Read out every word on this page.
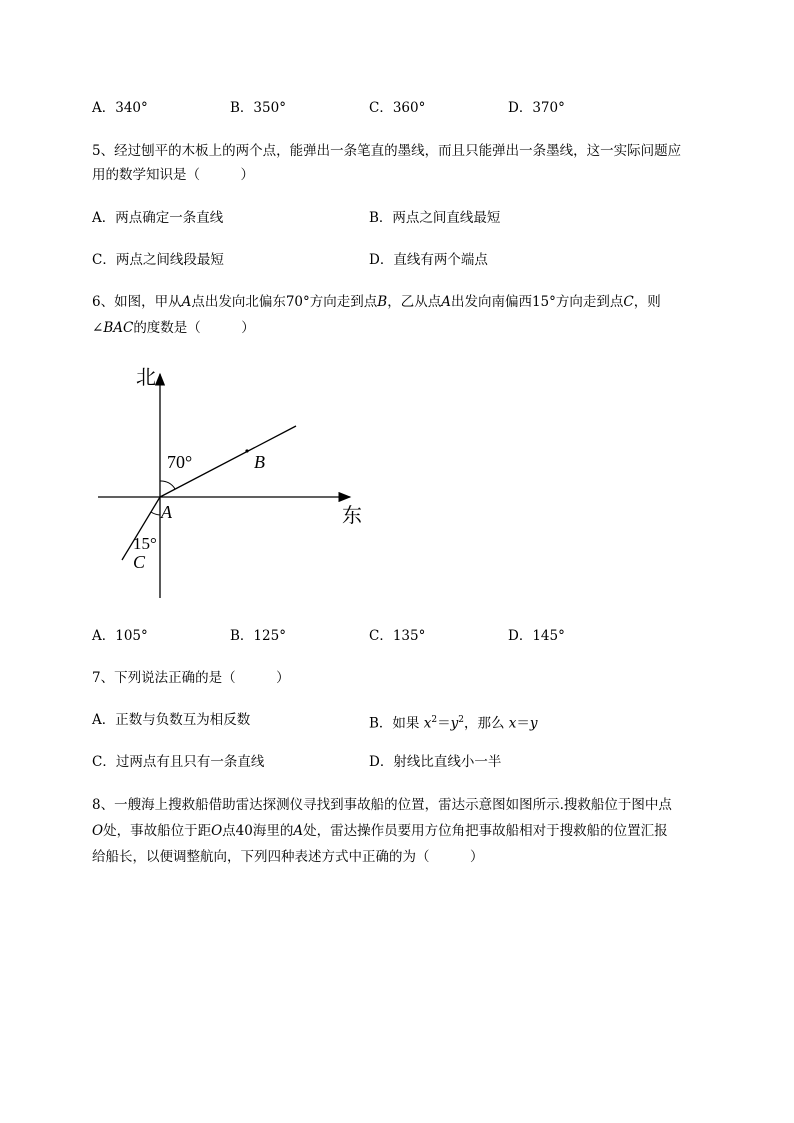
A．340°	B．350°	C．360°	D．370°
5、经过刨平的木板上的两个点，能弹出一条笔直的墨线，而且只能弹出一条墨线，这一实际问题应
用的数学知识是（　　　）
A．两点确定一条直线	B．两点之间直线最短
C．两点之间线段最短	D．直线有两个端点
6、如图，甲从A点出发向北偏东70°方向走到点B，乙从点A出发向南偏西15°方向走到点C，则
∠BAC的度数是（　　　）
北
东
70°
15°
A
B
C
A．105°	B．125°	C．135°	D．145°
7、下列说法正确的是（　　　）
A．正数与负数互为相反数	B．如果 $x^2=y^2$，那么 x＝y
C．过两点有且只有一条直线	D．射线比直线小一半
8、一艘海上搜救船借助雷达探测仪寻找到事故船的位置，雷达示意图如图所示.搜救船位于图中点
O处，事故船位于距O点40海里的A处，雷达操作员要用方位角把事故船相对于搜救船的位置汇报
给船长，以便调整航向，下列四种表述方式中正确的为（　　　）
